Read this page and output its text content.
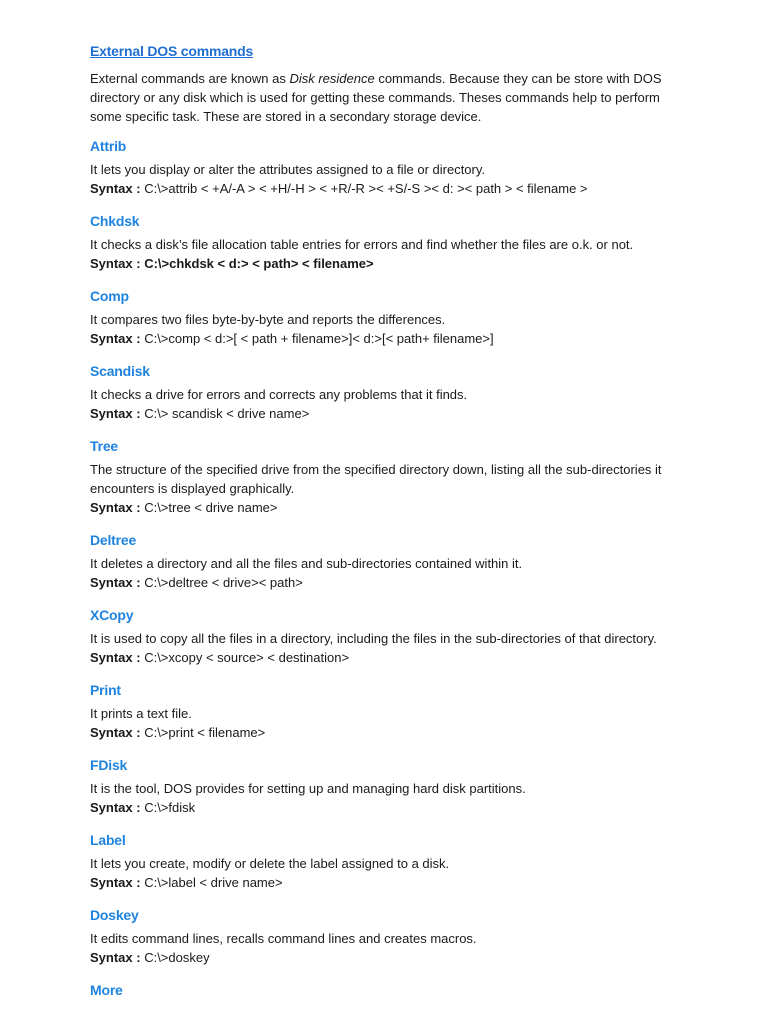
External DOS commands

External commands are known as Disk residence commands. Because they can be store with DOS directory or any disk which is used for getting these commands. Theses commands help to perform some specific task. These are stored in a secondary storage device.

Attrib

It lets you display or alter the attributes assigned to a file or directory.

Syntax : C:\>attrib < +A/-A > < +H/-H > < +R/-R >< +S/-S >< d: >< path > < filename >

Chkdsk

It checks a disk’s file allocation table entries for errors and find whether the files are o.k. or not.

Syntax : C:\>chkdsk < d:> < path> < filename>

Comp

It compares two files byte-by-byte and reports the differences.

Syntax : C:\>comp < d:>[ < path + filename>]< d:>[< path+ filename>]

Scandisk

It checks a drive for errors and corrects any problems that it finds.

Syntax : C:\> scandisk < drive name>

Tree

The structure of the specified drive from the specified directory down, listing all the sub-directories it encounters is displayed graphically.

Syntax : C:\>tree < drive name>

Deltree

It deletes a directory and all the files and sub-directories contained within it.

Syntax : C:\>deltree < drive>< path>

XCopy

It is used to copy all the files in a directory, including the files in the sub-directories of that directory.

Syntax : C:\>xcopy < source> < destination>

Print

It prints a text file.

Syntax : C:\>print < filename>

FDisk

It is the tool, DOS provides for setting up and managing hard disk partitions.

Syntax : C:\>fdisk

Label

It lets you create, modify or delete the label assigned to a disk.

Syntax : C:\>label < drive name>

Doskey

It edits command lines, recalls command lines and creates macros.

Syntax : C:\>doskey

More
